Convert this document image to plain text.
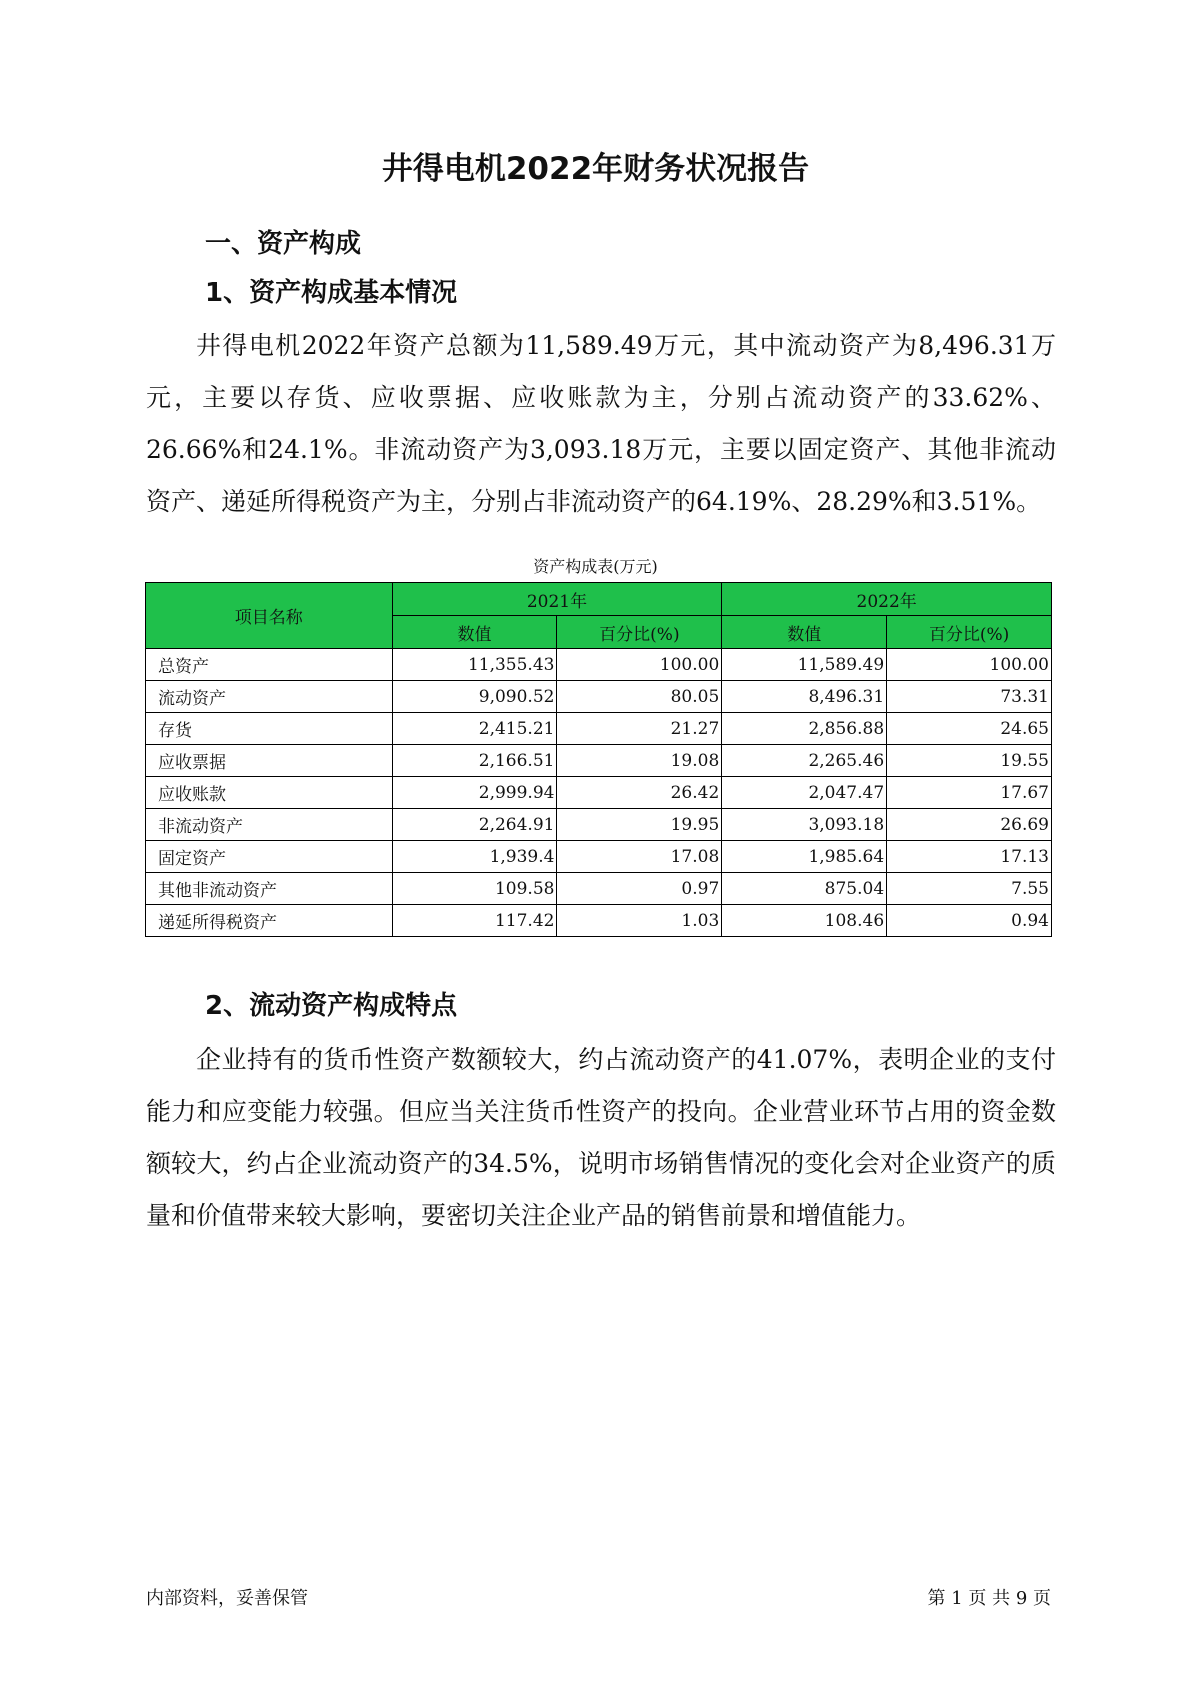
井得电机2022年财务状况报告
一、资产构成
1、资产构成基本情况

井得电机2022年资产总额为11,589.49万元，其中流动资产为8,496.31万元，主要以存货、应收票据、应收账款为主，分别占流动资产的33.62%、26.66%和24.1%。非流动资产为3,093.18万元，主要以固定资产、其他非流动资产、递延所得税资产为主，分别占非流动资产的64.19%、28.29%和3.51%。

资产构成表(万元)
项目名称	2021年		2022年	
	数值	百分比(%)	数值	百分比(%)
总资产	11,355.43	100.00	11,589.49	100.00
流动资产	9,090.52	80.05	8,496.31	73.31
存货	2,415.21	21.27	2,856.88	24.65
应收票据	2,166.51	19.08	2,265.46	19.55
应收账款	2,999.94	26.42	2,047.47	17.67
非流动资产	2,264.91	19.95	3,093.18	26.69
固定资产	1,939.4	17.08	1,985.64	17.13
其他非流动资产	109.58	0.97	875.04	7.55
递延所得税资产	117.42	1.03	108.46	0.94
2、流动资产构成特点

企业持有的货币性资产数额较大，约占流动资产的41.07%，表明企业的支付能力和应变能力较强。但应当关注货币性资产的投向。企业营业环节占用的资金数额较大，约占企业流动资产的34.5%，说明市场销售情况的变化会对企业资产的质量和价值带来较大影响，要密切关注企业产品的销售前景和增值能力。

内部资料，妥善保管	第 1 页 共 9 页
